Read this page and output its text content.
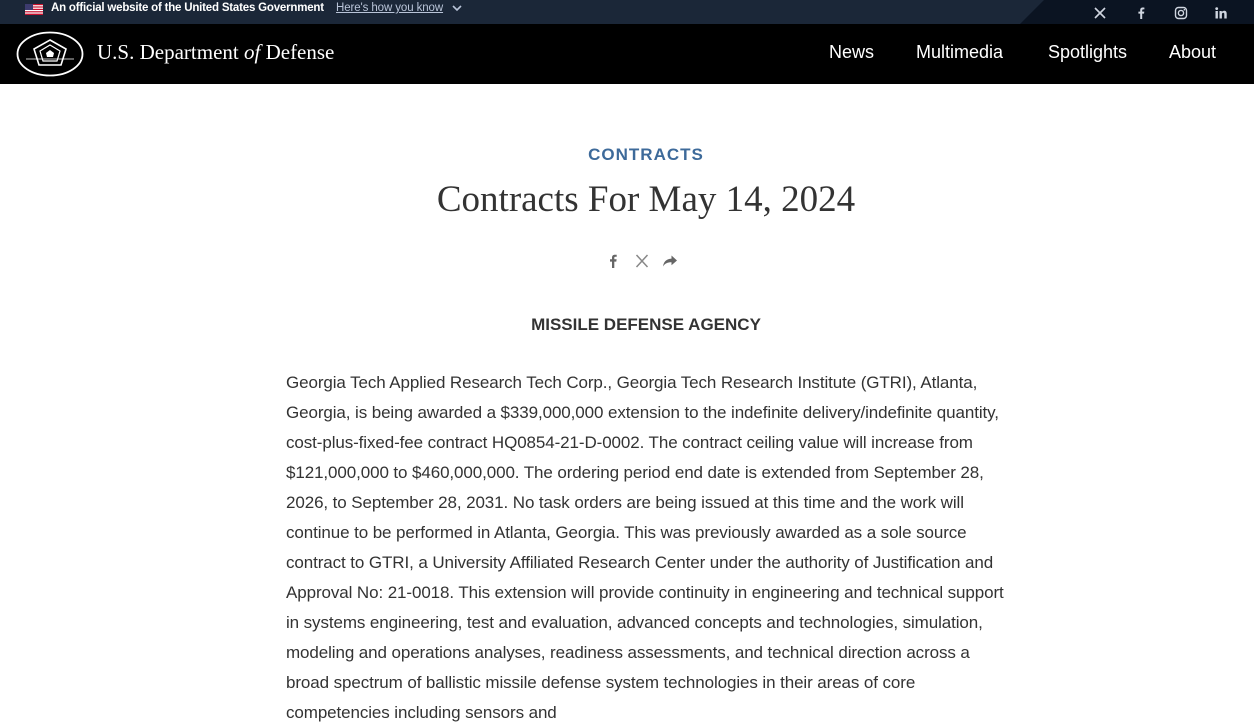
An official website of the United States Government Here's how you know
U.S. Department of Defense	News Multimedia Spotlights About
CONTRACTS
Contracts For May 14, 2024
MISSILE DEFENSE AGENCY

Georgia Tech Applied Research Tech Corp., Georgia Tech Research Institute (GTRI), Atlanta, Georgia, is being awarded a $339,000,000 extension to the indefinite delivery/indefinite quantity, cost-plus-fixed-fee contract HQ0854-21-D-0002. The contract ceiling value will increase from $121,000,000 to $460,000,000. The ordering period end date is extended from September 28, 2026, to September 28, 2031. No task orders are being issued at this time and the work will continue to be performed in Atlanta, Georgia. This was previously awarded as a sole source contract to GTRI, a University Affiliated Research Center under the authority of Justification and Approval No: 21-0018. This extension will provide continuity in engineering and technical support in systems engineering, test and evaluation, advanced concepts and technologies, simulation, modeling and operations analyses, readiness assessments, and technical direction across a broad spectrum of ballistic missile defense system technologies in their areas of core competencies including sensors and
